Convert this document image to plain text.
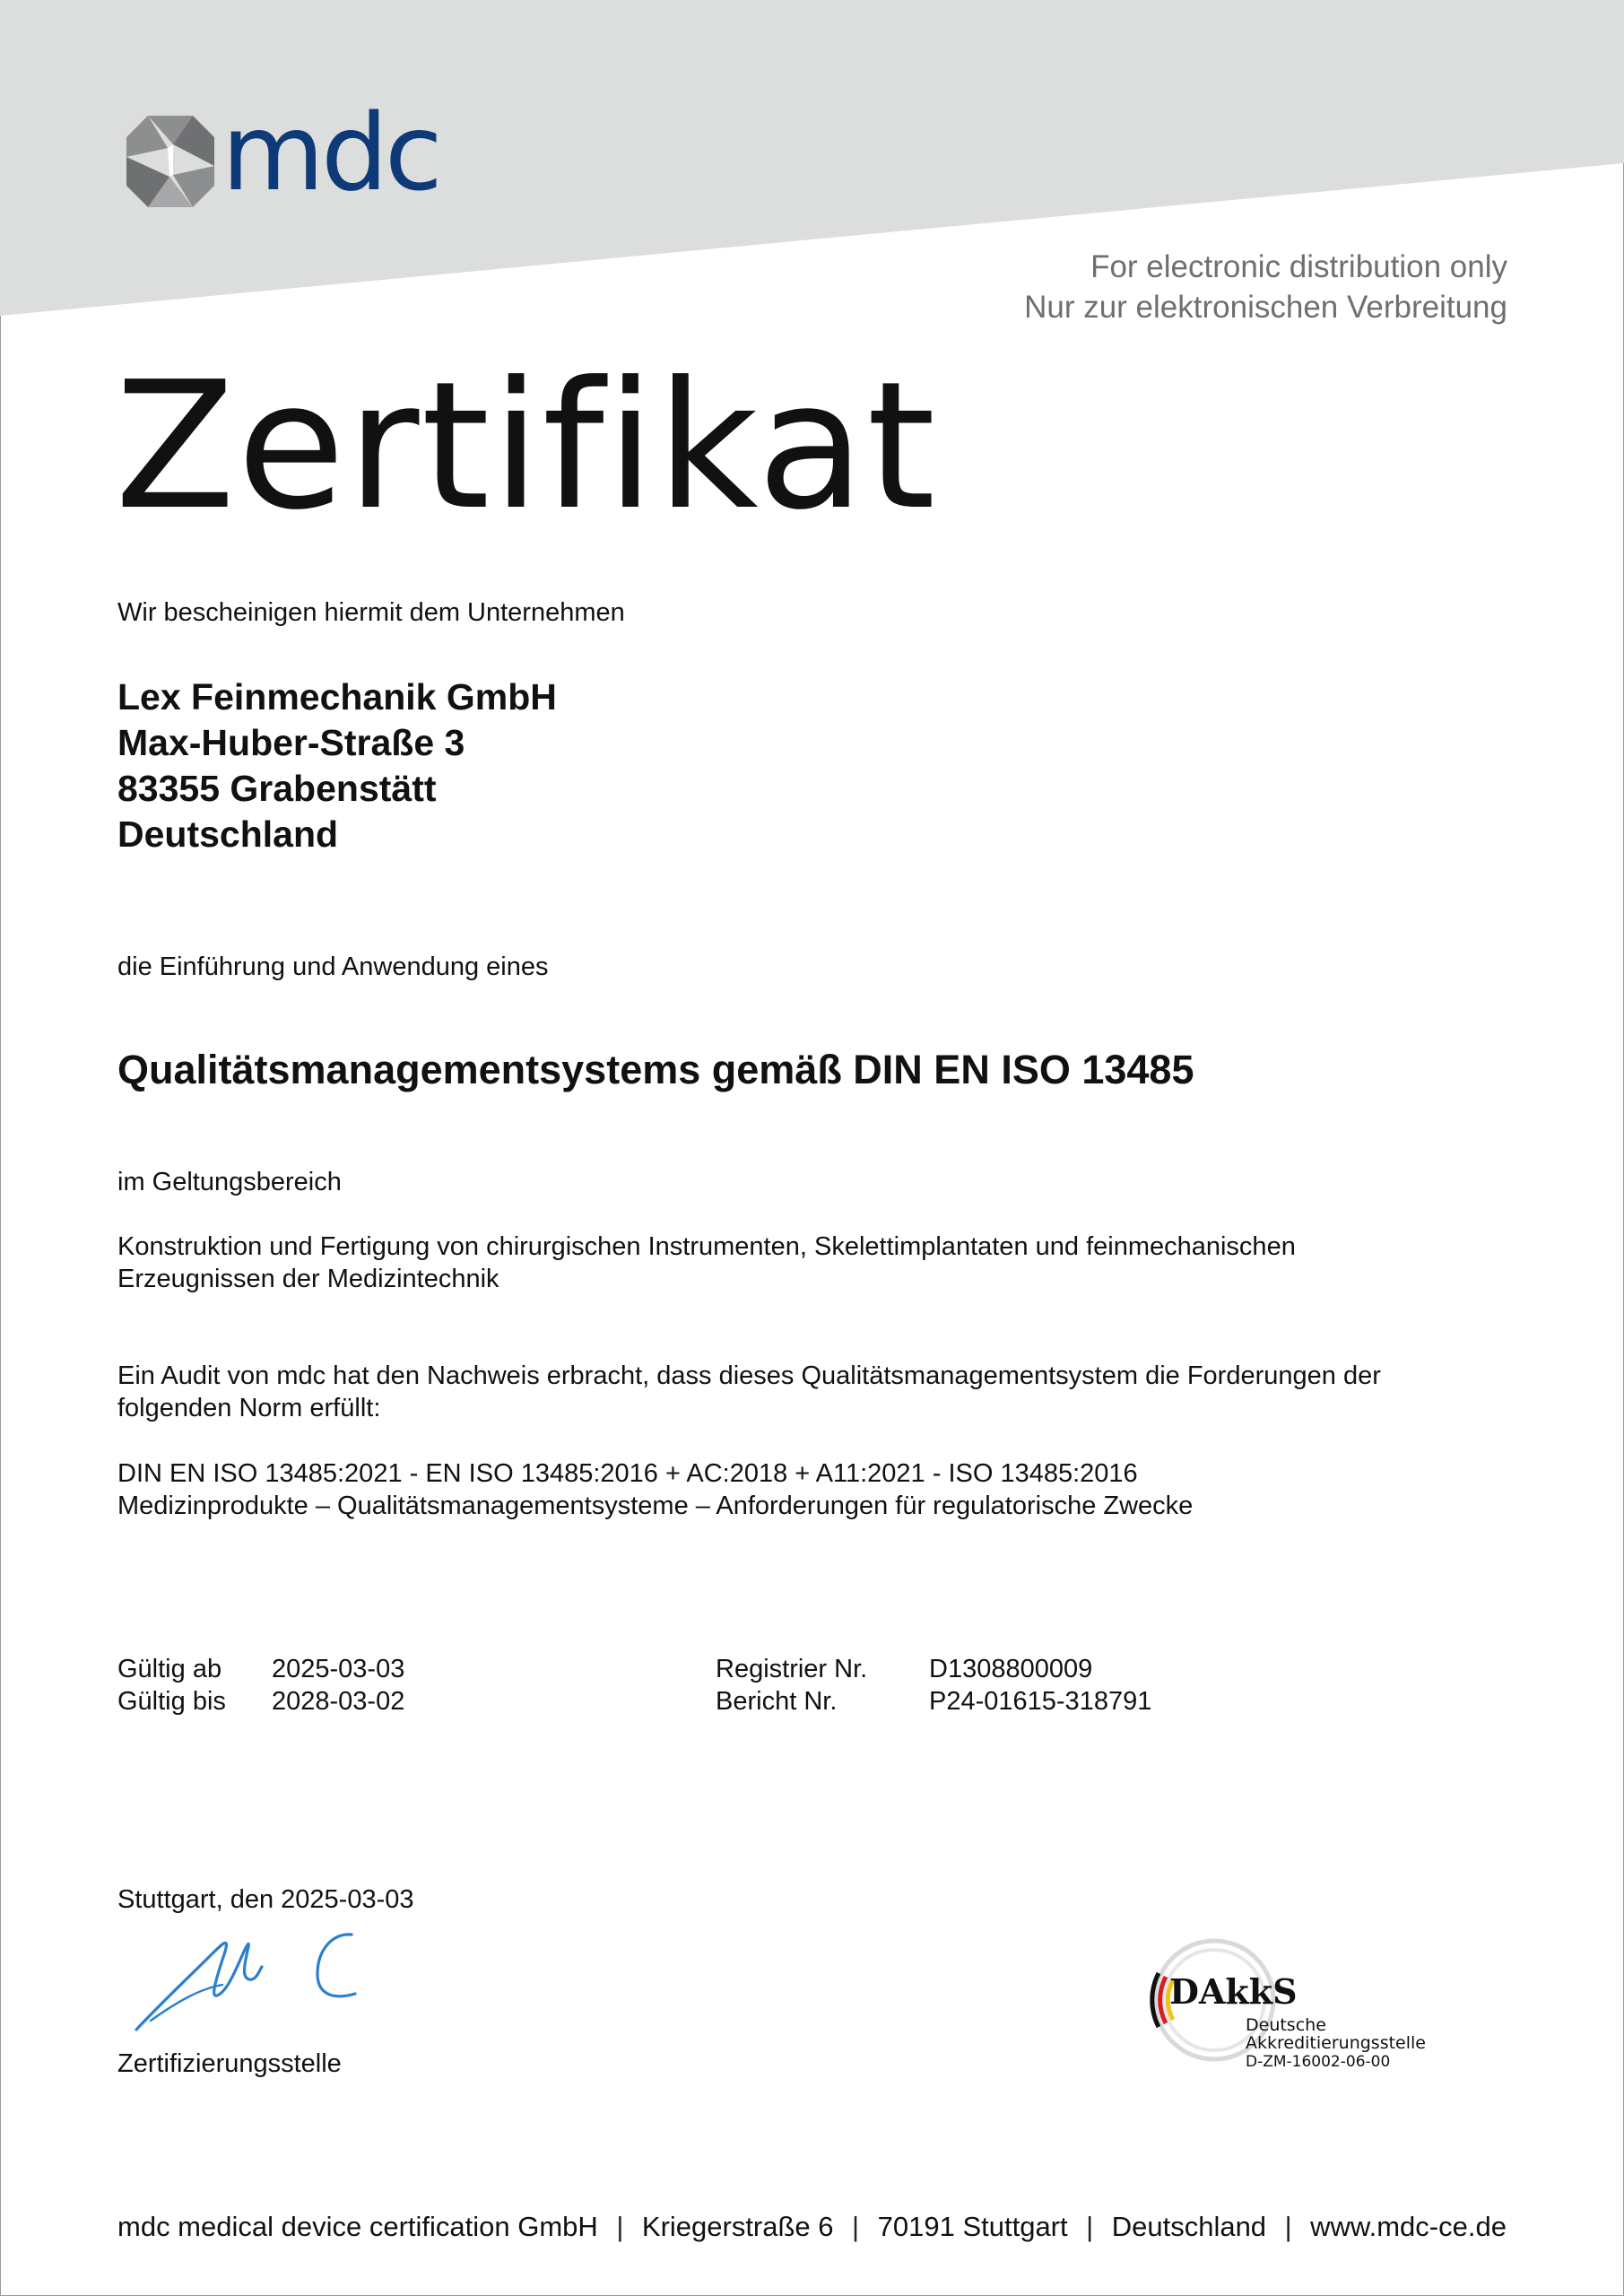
mdc
For electronic distribution only
Nur zur elektronischen Verbreitung
Zertifikat
Wir bescheinigen hiermit dem Unternehmen
Lex Feinmechanik GmbH
Max-Huber-Straße 3
83355 Grabenstätt
Deutschland
die Einführung und Anwendung eines
Qualitätsmanagementsystems gemäß DIN EN ISO 13485
im Geltungsbereich
Konstruktion und Fertigung von chirurgischen Instrumenten, Skelettimplantaten und feinmechanischen
Erzeugnissen der Medizintechnik
Ein Audit von mdc hat den Nachweis erbracht, dass dieses Qualitätsmanagementsystem die Forderungen der
folgenden Norm erfüllt:
DIN EN ISO 13485:2021 - EN ISO 13485:2016 + AC:2018 + A11:2021 - ISO 13485:2016
Medizinprodukte – Qualitätsmanagementsysteme – Anforderungen für regulatorische Zwecke
Gültig ab 2025-03-03
Gültig bis 2028-03-02
Registrier Nr. D1308800009
Bericht Nr.	P24-01615-318791
Stuttgart, den 2025-03-03
Zertifizierungsstelle
DAkkS
Deutsche
Akkreditierungsstelle
D-ZM-16002-06-00
mdc medical device certification GmbH | Kriegerstraße 6 | 70191 Stuttgart | Deutschland | www.mdc-ce.de
